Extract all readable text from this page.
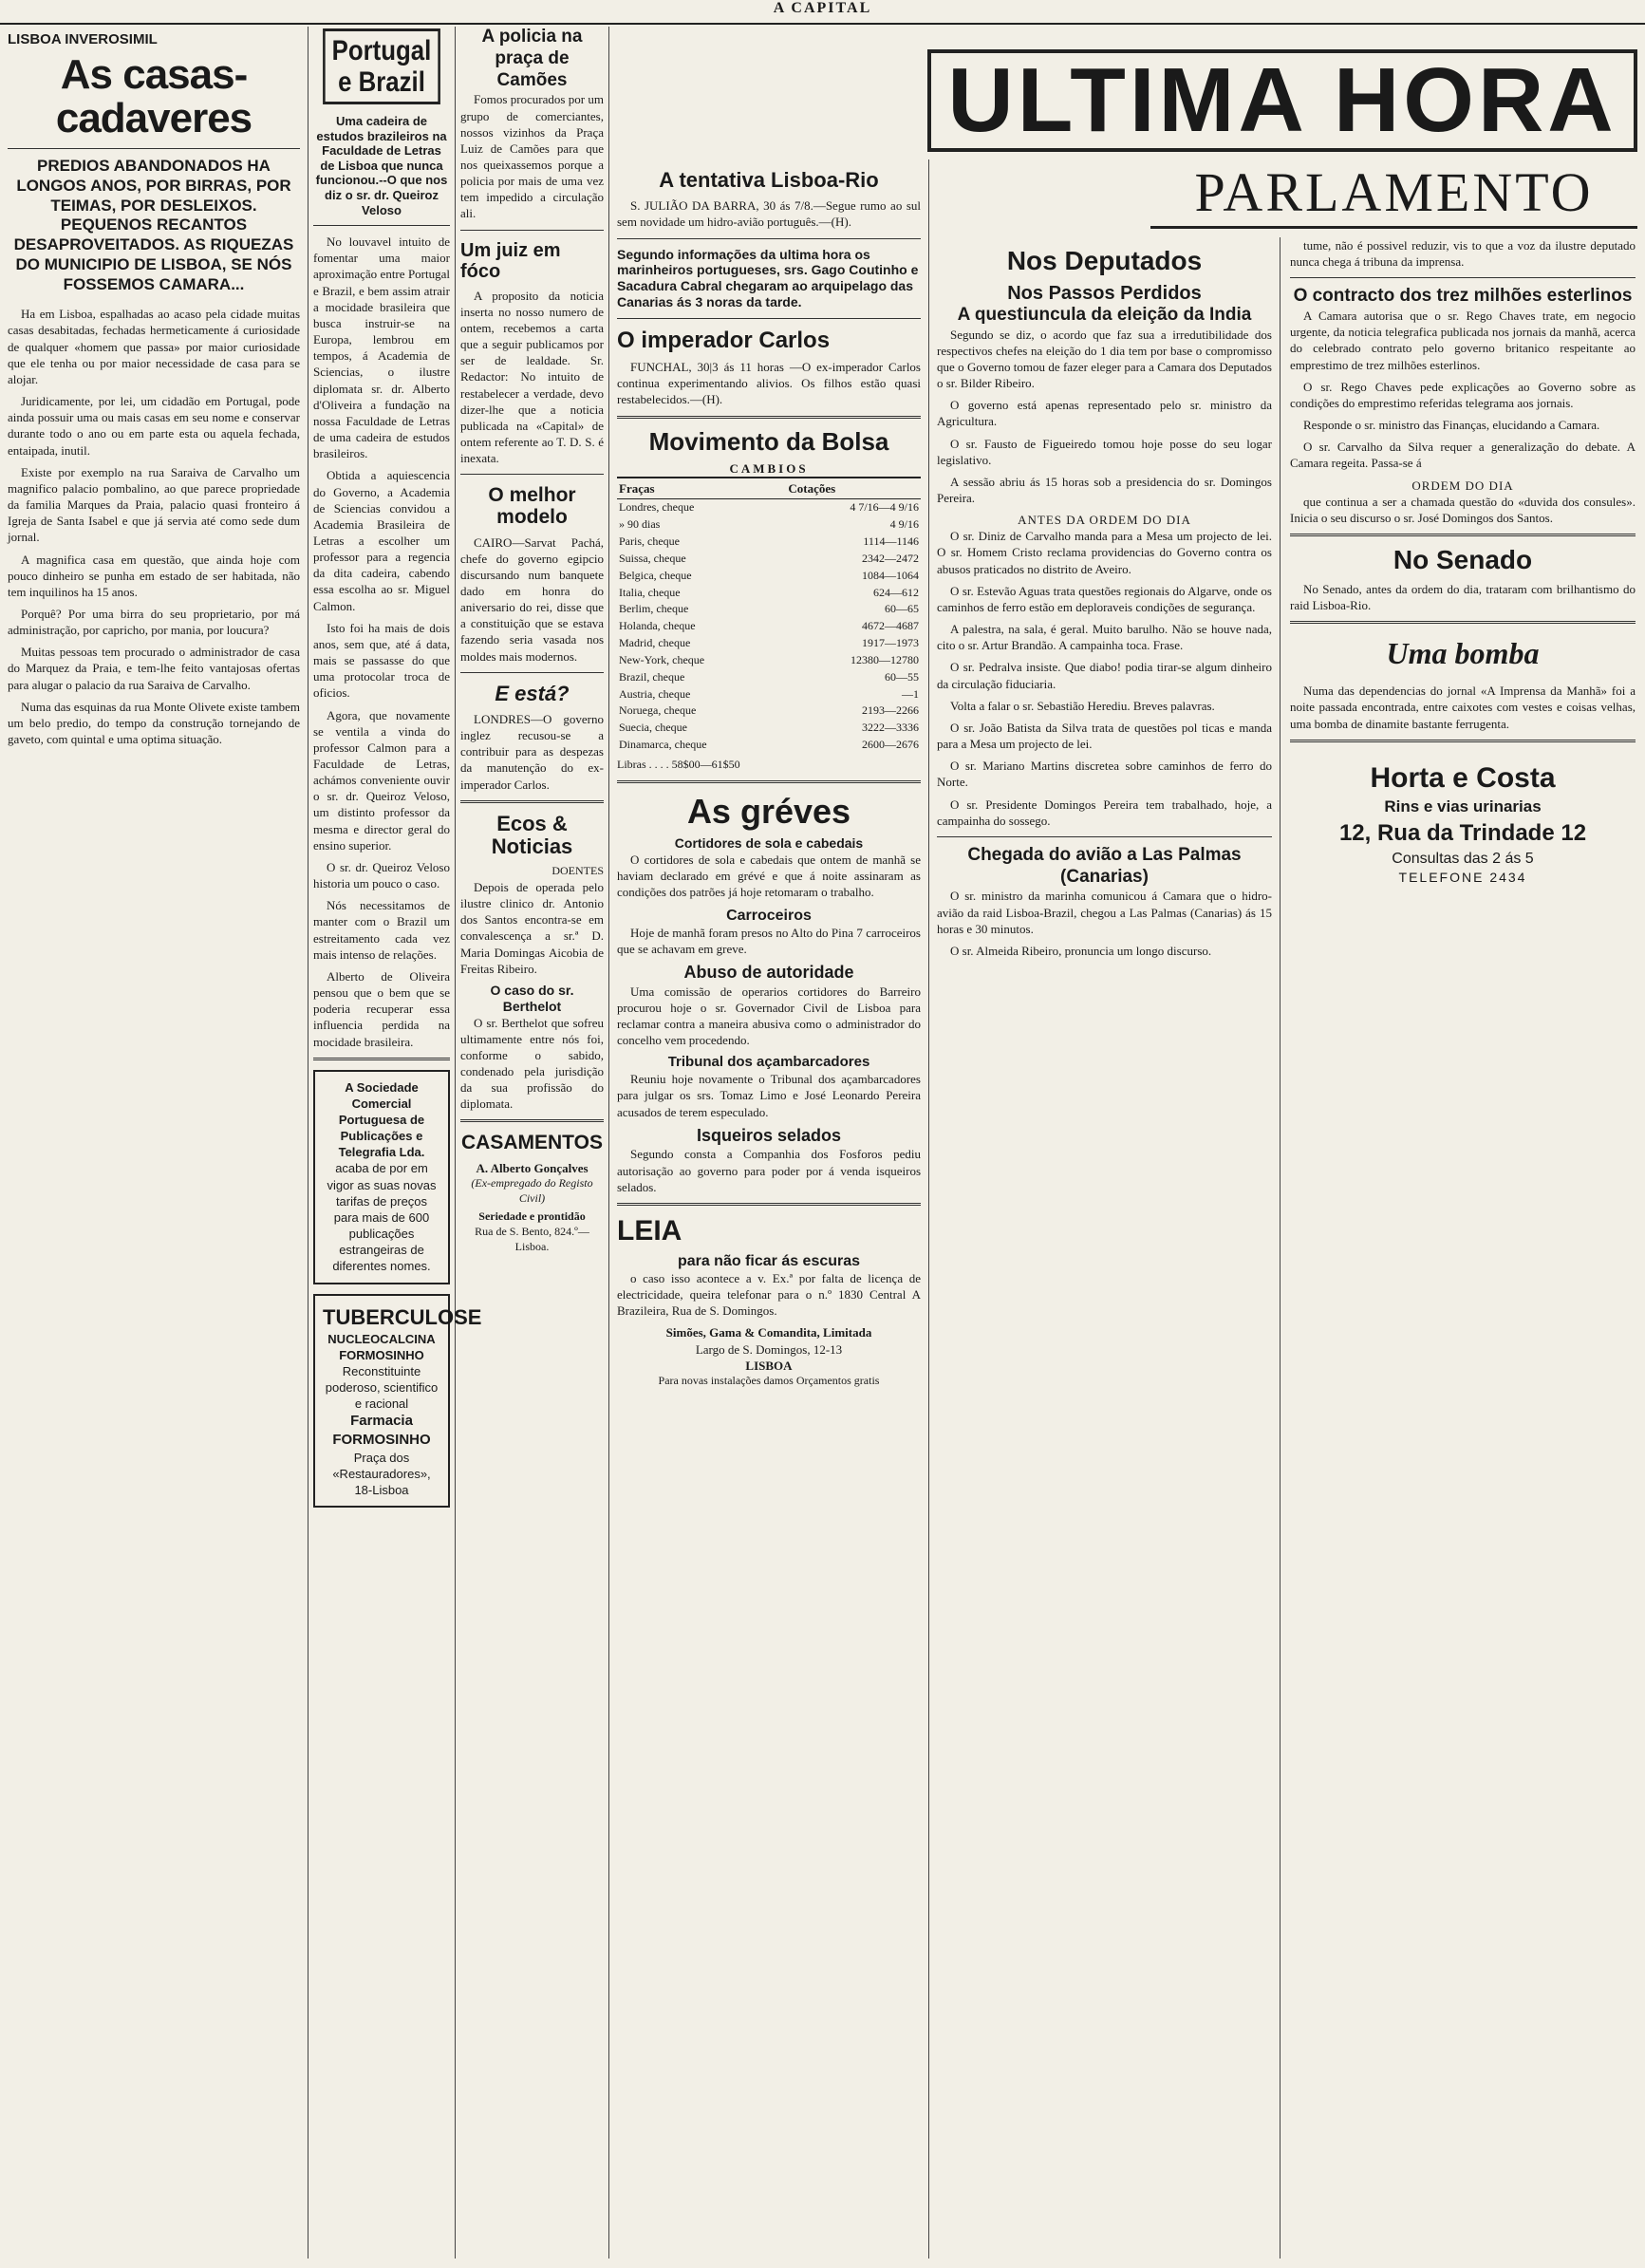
A CAPITAL
LISBOA INVEROSIMIL
As casas-cadaveres
PREDIOS ABANDONADOS HA LONGOS ANOS, POR BIRRAS, POR TEIMAS, POR DESLEIXOS. PEQUENOS RECANTOS DESAPROVEITADOS. AS RIQUEZAS DO MUNICIPIO DE LISBOA, SE NÓS FOSSEMOS CAMARA...

Ha em Lisboa, espalhadas ao acaso pela cidade muitas casas desabitadas, fechadas hermeticamente á curiosidade de qualquer «homem que passa» por maior curiosidade que ele tenha ou por maior necessidade de casa para se alojar.

Juridicamente, por lei, um cidadão em Portugal, pode ainda possuir uma ou mais casas em seu nome e conservar durante todo o ano ou em parte esta ou aquela fechada, entaipada, inutil.

Existe por exemplo na rua Saraiva de Carvalho um magnifico palacio pombalino, ao que parece propriedade da familia Marques da Praia, palacio quasi fronteiro á Igreja de Santa Isabel e que já servia até como sede dum jornal.

A magnifica casa em questão, que ainda hoje com pouco dinheiro se punha em estado de ser habitada, não tem inquilinos ha 15 anos.

Porquê? Por uma birra do seu proprietario, por má administração, por capricho, por mania, por loucura?

Muitas pessoas tem procurado o administrador de casa do Marquez da Praia, e tem-lhe feito vantajosas ofertas para alugar o palacio da rua Saraiva de Carvalho.

Numa das esquinas da rua Monte Olivete existe tambem um belo predio, do tempo da construção tornejando de gaveto, com quintal e uma optima situação.

Portugal e Brazil
Uma cadeira de estudos brazileiros na Faculdade de Letras de Lisboa que nunca funcionou.--O que nos diz o sr. dr. Queiroz Veloso

No louvavel intuito de fomentar uma maior aproximação entre Portugal e Brazil, e bem assim atrair a mocidade brasileira que busca instruir-se na Europa, lembrou em tempos, á Academia de Sciencias, o ilustre diplomata sr. dr. Alberto d'Oliveira a fundação na nossa Faculdade de Letras de uma cadeira de estudos brasileiros.

Obtida a aquiescencia do Governo, a Academia de Sciencias convidou a Academia Brasileira de Letras a escolher um professor para a regencia da dita cadeira, cabendo essa escolha ao sr. Miguel Calmon.

Isto foi ha mais de dois anos, sem que, até á data, mais se passasse do que uma protocolar troca de oficios.

Agora, que novamente se ventila a vinda do professor Calmon para a Faculdade de Letras, achámos conveniente ouvir o sr. dr. Queiroz Veloso, um distinto professor da mesma e director geral do ensino superior.

O sr. dr. Queiroz Veloso historia um pouco o caso.

Nós necessitamos de manter com o Brazil um estreitamento cada vez mais intenso de relações.

Alberto de Oliveira pensou que o bem que se poderia recuperar essa influencia perdida na mocidade brasileira.

A Sociedade Comercial Portuguesa de Publicações e Telegrafia Lda.
acaba de por em vigor as suas novas tarifas de preços para mais de 600 publicações estrangeiras de diferentes nomes.
TUBERCULOSE
NUCLEOCALCINA FORMOSINHO
Reconstituinte poderoso, scientifico e racional
Farmacia FORMOSINHO
Praça dos «Restauradores», 18-Lisboa
A policia na praça de Camões

Fomos procurados por um grupo de comerciantes, nossos vizinhos da Praça Luiz de Camões para que nos queixassemos porque a policia por mais de uma vez tem impedido a circulação ali.

Um juiz em fóco

A proposito da noticia inserta no nosso numero de ontem, recebemos a carta que a seguir publicamos por ser de lealdade. Sr. Redactor: No intuito de restabelecer a verdade, devo dizer-lhe que a noticia publicada na «Capital» de ontem referente ao T. D. S. é inexata.

O melhor modelo

CAIRO—Sarvat Pachá, chefe do governo egipcio discursando num banquete dado em honra do aniversario do rei, disse que a constituição que se estava fazendo seria vasada nos moldes mais modernos.

E está?

LONDRES—O governo inglez recusou-se a contribuir para as despezas da manutenção do ex-imperador Carlos.

Ecos & Noticias
DOENTES

Depois de operada pelo ilustre clinico dr. Antonio dos Santos encontra-se em convalescença a sr.ª D. Maria Domingas Aicobia de Freitas Ribeiro.

O caso do sr. Berthelot

O sr. Berthelot que sofreu ultimamente entre nós foi, conforme o sabido, condenado pela jurisdição da sua profissão do diplomata.

CASAMENTOS
A. Alberto Gonçalves
(Ex-empregado do Registo Civil)
Seriedade e prontidão
Rua de S. Bento, 824.º—Lisboa.
ULTIMA HORA
PARLAMENTO
A tentativa Lisboa-Rio

S. JULIÃO DA BARRA, 30 ás 7/8.—Segue rumo ao sul sem novidade um hidro-avião português.—(H).

Segundo informações da ultima hora os marinheiros portugueses, srs. Gago Coutinho e Sacadura Cabral chegaram ao arquipelago das Canarias ás 3 noras da tarde.
O imperador Carlos

FUNCHAL, 30|3 ás 11 horas —O ex-imperador Carlos continua experimentando alivios. Os filhos estão quasi restabelecidos.—(H).

Movimento da Bolsa
CAMBIOS
Fraças	Cotações
Londres, cheque	4 7/16—4 9/16
» 90 dias	4 9/16
Paris, cheque	1114—1146
Suissa, cheque	2342—2472
Belgica, cheque	1084—1064
Italia, cheque	624—612
Berlim, cheque	60—65
Holanda, cheque	4672—4687
Madrid, cheque	1917—1973
New-York, cheque	12380—12780
Brazil, cheque	60—55
Austria, cheque	—1
Noruega, cheque	2193—2266
Suecia, cheque	3222—3336
Dinamarca, cheque	2600—2676
Libras . . . . 58$00—61$50
As gréves
Cortidores de sola e cabedais

O cortidores de sola e cabedais que ontem de manhã se haviam declarado em grévé e que á noite assinaram as condições dos patrões já hoje retomaram o trabalho.

Carroceiros

Hoje de manhã foram presos no Alto do Pina 7 carroceiros que se achavam em greve.

Abuso de autoridade

Uma comissão de operarios cortidores do Barreiro procurou hoje o sr. Governador Civil de Lisboa para reclamar contra a maneira abusiva como o administrador do concelho vem procedendo.

Tribunal dos açambarcadores

Reuniu hoje novamente o Tribunal dos açambarcadores para julgar os srs. Tomaz Limo e José Leonardo Pereira acusados de terem especulado.

Isqueiros selados

Segundo consta a Companhia dos Fosforos pediu autorisação ao governo para poder por á venda isqueiros selados.

LEIA
para não ficar ás escuras

o caso isso acontece a v. Ex.ª por falta de licença de electricidade, queira telefonar para o n.º 1830 Central A Brazileira, Rua de S. Domingos.

Simões, Gama & Comandita, Limitada
Largo de S. Domingos, 12-13
LISBOA
Para novas instalações damos Orçamentos gratis
Nos Deputados
Nos Passos Perdidos
A questiuncula da eleição da India

Segundo se diz, o acordo que faz sua a irredutibilidade dos respectivos chefes na eleição do 1 dia tem por base o compromisso que o Governo tomou de fazer eleger para a Camara dos Deputados o sr. Bilder Ribeiro.

O governo está apenas representado pelo sr. ministro da Agricultura.

O sr. Fausto de Figueiredo tomou hoje posse do seu logar legislativo.

A sessão abriu ás 15 horas sob a presidencia do sr. Domingos Pereira.

ANTES DA ORDEM DO DIA

O sr. Diniz de Carvalho manda para a Mesa um projecto de lei. O sr. Homem Cristo reclama providencias do Governo contra os abusos praticados no distrito de Aveiro.

O sr. Estevão Aguas trata questões regionais do Algarve, onde os caminhos de ferro estão em deploraveis condições de segurança.

A palestra, na sala, é geral. Muito barulho. Não se houve nada, cito o sr. Artur Brandão. A campainha toca. Frase.

O sr. Pedralva insiste. Que diabo! podia tirar-se algum dinheiro da circulação fiduciaria.

Volta a falar o sr. Sebastião Herediu. Breves palavras.

O sr. João Batista da Silva trata de questões pol ticas e manda para a Mesa um projecto de lei.

O sr. Mariano Martins discretea sobre caminhos de ferro do Norte.

O sr. Presidente Domingos Pereira tem trabalhado, hoje, a campainha do sossego.

Chegada do avião a Las Palmas (Canarias)

O sr. ministro da marinha comunicou á Camara que o hidro-avião da raid Lisboa-Brazil, chegou a Las Palmas (Canarias) ás 15 horas e 30 minutos.

O sr. Almeida Ribeiro, pronuncia um longo discurso.

tume, não é possivel reduzir, vis to que a voz da ilustre deputado nunca chega á tribuna da imprensa.

O contracto dos trez milhões esterlinos

A Camara autorisa que o sr. Rego Chaves trate, em negocio urgente, da noticia telegrafica publicada nos jornais da manhã, acerca do celebrado contrato pelo governo britanico respeitante ao emprestimo de trez milhões esterlinos.

O sr. Rego Chaves pede explicações ao Governo sobre as condições do emprestimo referidas telegrama aos jornais.

Responde o sr. ministro das Finanças, elucidando a Camara.

O sr. Carvalho da Silva requer a generalização do debate. A Camara regeita. Passa-se á

ORDEM DO DIA

que continua a ser a chamada questão do «duvida dos consules». Inicia o seu discurso o sr. José Domingos dos Santos.

No Senado

No Senado, antes da ordem do dia, trataram com brilhantismo do raid Lisboa-Rio.

Uma bomba

Numa das dependencias do jornal «A Imprensa da Manhã» foi a noite passada encontrada, entre caixotes com vestes e coisas velhas, uma bomba de dinamite bastante ferrugenta.

Horta e Costa
Rins e vias urinarias
12, Rua da Trindade 12
Consultas das 2 ás 5
TELEFONE 2434
